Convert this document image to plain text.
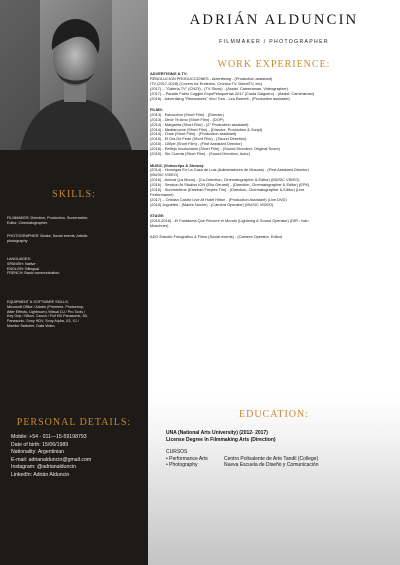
SKILLS:
FILMMAKER: Direction, Production, Screenwriter,
Editor, Cinematographer.
PHOTOGRAPHER: Books, Social events, Artistic
photography
LANGUAGES:
SPANISH: Native
ENGLISH: Bilingual
FRENCH: Basic communication.
EQUIPMENT & SOFTWARE SKILLS:
Microsoft Office / Adobe (Premiere, Photoshop,
After Effects, Lightroom) /Virtual DJ / Pro Tools /
Key Grip / Nikon, Canon / Full HD Panasonic, 3D,
Panasonic, Sony HDV, Sony Alpha, X3, XJ /
Monitor Switcher, Data Video.
PERSONAL DETAILS:
Mobile: +54 - 011—15-59198793
Date of birth: 15/06/1989
Nationality: Argentinian
E-mail: adrianalduncin@gmail.com
Instagram: @adrianalduncin
LinkedIn: Adrián Alduncin
ADRIÁN ALDUNCIN
FILMMAKER / PHOTOGRAPHER
WORK EXPERIENCE:
ADVERTISING & TV:
REBOLUCION PRODUCCIONES - Advertising - (Production assistant)
ITV (2017-2018) (Covers for Endemol, Crónica TV, DirectTV, etc)
(2017) – "Galería TV" (CN23) - (TV Show) - (Assist. Cameraman, Videographer)
(2017) – Parade Fabio Cuggini ExpoPeluquerías 2017 (Costa Salguero) - (Assist. Cameraman)
(2018) - Advertising "Remadores" Vino Toro - Leo Burnett - (Production assistant)
FILMS:
(2013) - Estocolmo (Short Film) - (Director)
(2013) - Decir Te Amo (Short Film) - (DOP)
(2014) - Margarita (Short Film) - (2° Production assistant)
(2014) - Medianoche (Short Film) - (Director, Production & Script)
(2014) - Chas (Short Film) - (Production assistant)
(2015) - El Día De Fede (Short Film) - (Sound Direction)
(2016) - 100pe (Short Film) - (First Assistant Director)
(2016) - Reflejo Involuntario (Short Film) - (Sound Direction, Original Score)
(2019) - Sin Cuenta (Short Film) - (Sound Direction, Actor)
MUSIC (Videoclips & Shows):
(2014) - Hormigas En La Casa de Luis (Adiestradores de Moscas) - (First Assistant Director)
(MUSIC VIDEO)
(2016) - Animal (La Mono) - (Co-Direction, Cinematographer & Editor) (MUSIC VIDEO)
(2016) - Session At Studios ION (Elio Gerardi) - (Direction, Cinematographer & Editor) (EPK)
(2016) - Summertime (Esteban Freytes Trio) - (Direction, Cinematographer & Editor) (Live
Performance)
(2017) – Cristian Castro Live At Hotel Hilton - (Production Assistant) (Live DVD)
(2019) Juguetes - (Madre Noche) - (Camera Operator) (MUSIC VIDEO)
STAGE:
(2015-2016) - El Fantasma Que Recorre el Mundo (Lightning & Sound Operator) (DIR.: Iván
Moschner)
ADO Estudio Fotográfico & Films (Social events) - (Camera Operator, Editor)
EDUCATION:
UNA (National Arts University) (2012- 2017)
License Degree In Filmmaking Arts (Direction)
CURSOS
• Performance Arts	Centro Polivalente de Arte Tandil (College)
• Photography	Nueva Escuela de Diseño y Comunicación
